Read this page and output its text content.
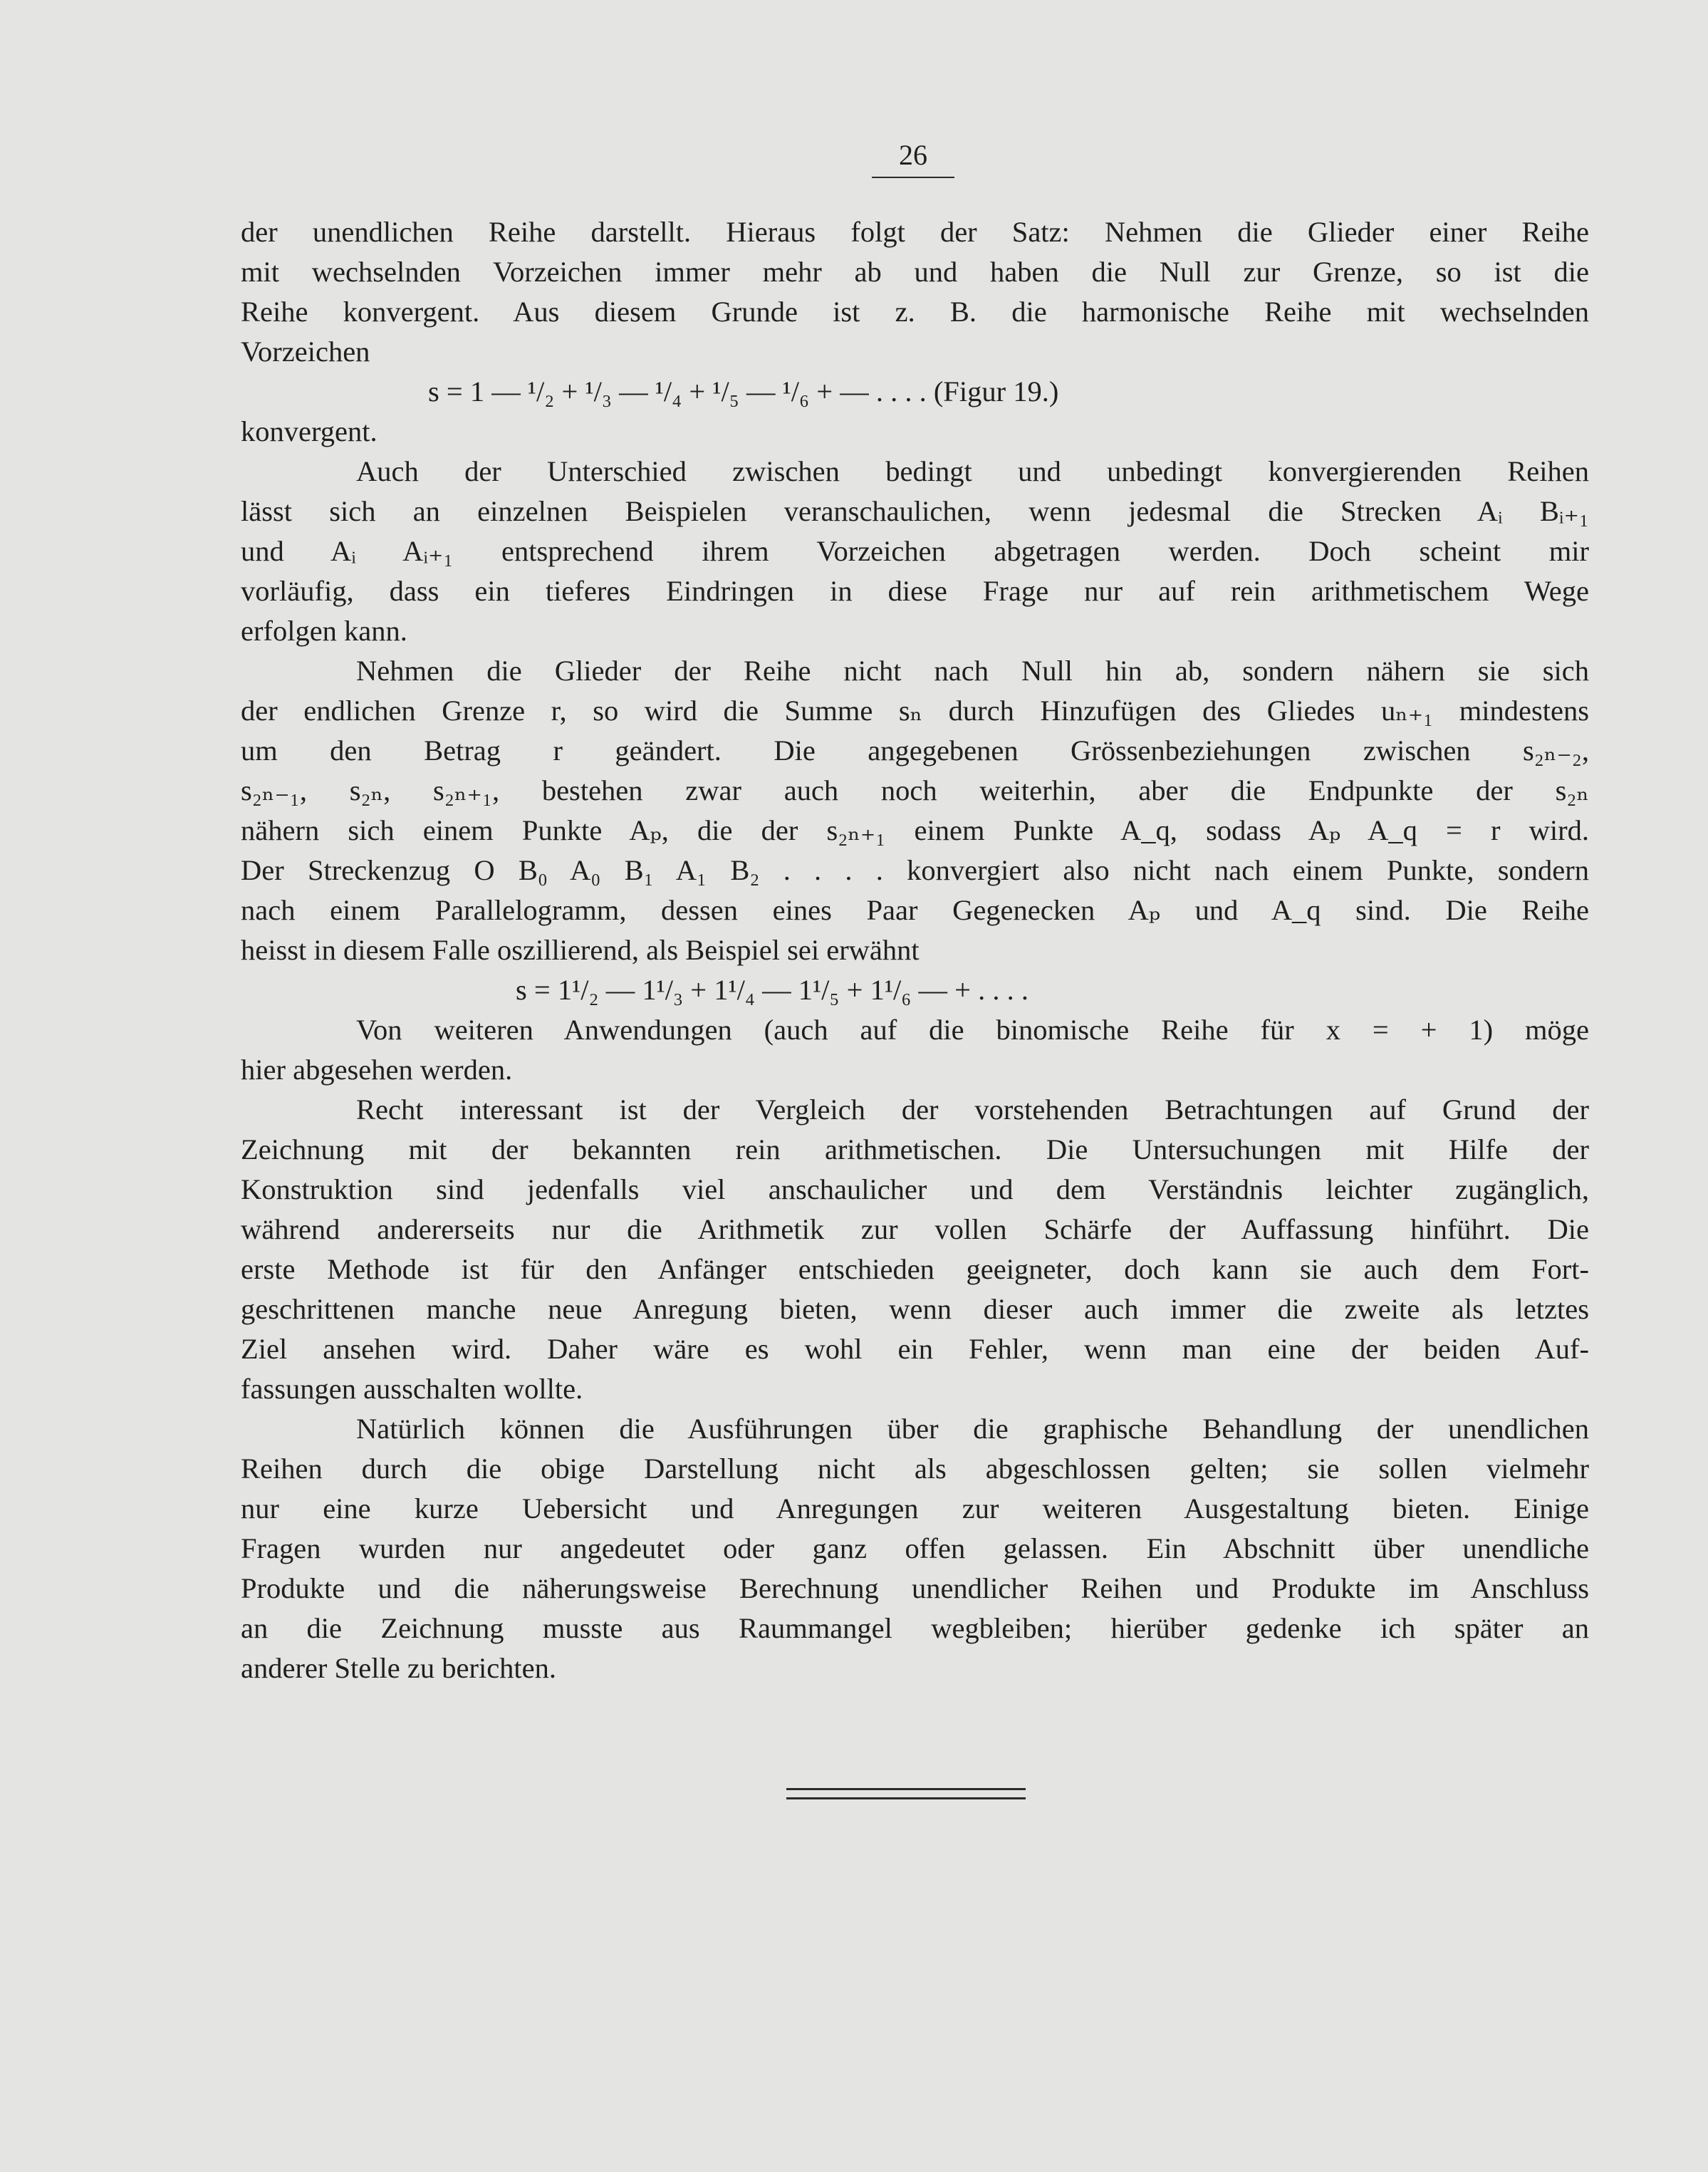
26
der unendlichen Reihe darstellt. Hieraus folgt der Satz: Nehmen die Glieder einer Reihe
mit wechselnden Vorzeichen immer mehr ab und haben die Null zur Grenze, so ist die
Reihe konvergent. Aus diesem Grunde ist z. B. die harmonische Reihe mit wechselnden
Vorzeichen
s = 1 — ¹/₂ + ¹/₃ — ¹/₄ + ¹/₅ — ¹/₆ + — . . . . (Figur 19.)
konvergent.
Auch der Unterschied zwischen bedingt und unbedingt konvergierenden Reihen
lässt sich an einzelnen Beispielen veranschaulichen, wenn jedesmal die Strecken Aᵢ Bᵢ₊₁
und Aᵢ Aᵢ₊₁ entsprechend ihrem Vorzeichen abgetragen werden. Doch scheint mir
vorläufig, dass ein tieferes Eindringen in diese Frage nur auf rein arithmetischem Wege
erfolgen kann.
Nehmen die Glieder der Reihe nicht nach Null hin ab, sondern nähern sie sich
der endlichen Grenze r, so wird die Summe sₙ durch Hinzufügen des Gliedes uₙ₊₁ mindestens
um den Betrag r geändert. Die angegebenen Grössenbeziehungen zwischen s₂ₙ₋₂,
s₂ₙ₋₁, s₂ₙ, s₂ₙ₊₁, bestehen zwar auch noch weiterhin, aber die Endpunkte der s₂ₙ
nähern sich einem Punkte Aₚ, die der s₂ₙ₊₁ einem Punkte A_q, sodass Aₚ A_q = r wird.
Der Streckenzug O B₀ A₀ B₁ A₁ B₂ . . . . konvergiert also nicht nach einem Punkte, sondern
nach einem Parallelogramm, dessen eines Paar Gegenecken Aₚ und A_q sind. Die Reihe
heisst in diesem Falle oszillierend, als Beispiel sei erwähnt
s = 1¹/₂ — 1¹/₃ + 1¹/₄ — 1¹/₅ + 1¹/₆ — + . . . .
Von weiteren Anwendungen (auch auf die binomische Reihe für x = + 1) möge
hier abgesehen werden.
Recht interessant ist der Vergleich der vorstehenden Betrachtungen auf Grund der
Zeichnung mit der bekannten rein arithmetischen. Die Untersuchungen mit Hilfe der
Konstruktion sind jedenfalls viel anschaulicher und dem Verständnis leichter zugänglich,
während andererseits nur die Arithmetik zur vollen Schärfe der Auffassung hinführt. Die
erste Methode ist für den Anfänger entschieden geeigneter, doch kann sie auch dem Fort-
geschrittenen manche neue Anregung bieten, wenn dieser auch immer die zweite als letztes
Ziel ansehen wird. Daher wäre es wohl ein Fehler, wenn man eine der beiden Auf-
fassungen ausschalten wollte.
Natürlich können die Ausführungen über die graphische Behandlung der unendlichen
Reihen durch die obige Darstellung nicht als abgeschlossen gelten; sie sollen vielmehr
nur eine kurze Uebersicht und Anregungen zur weiteren Ausgestaltung bieten. Einige
Fragen wurden nur angedeutet oder ganz offen gelassen. Ein Abschnitt über unendliche
Produkte und die näherungsweise Berechnung unendlicher Reihen und Produkte im Anschluss
an die Zeichnung musste aus Raummangel wegbleiben; hierüber gedenke ich später an
anderer Stelle zu berichten.
